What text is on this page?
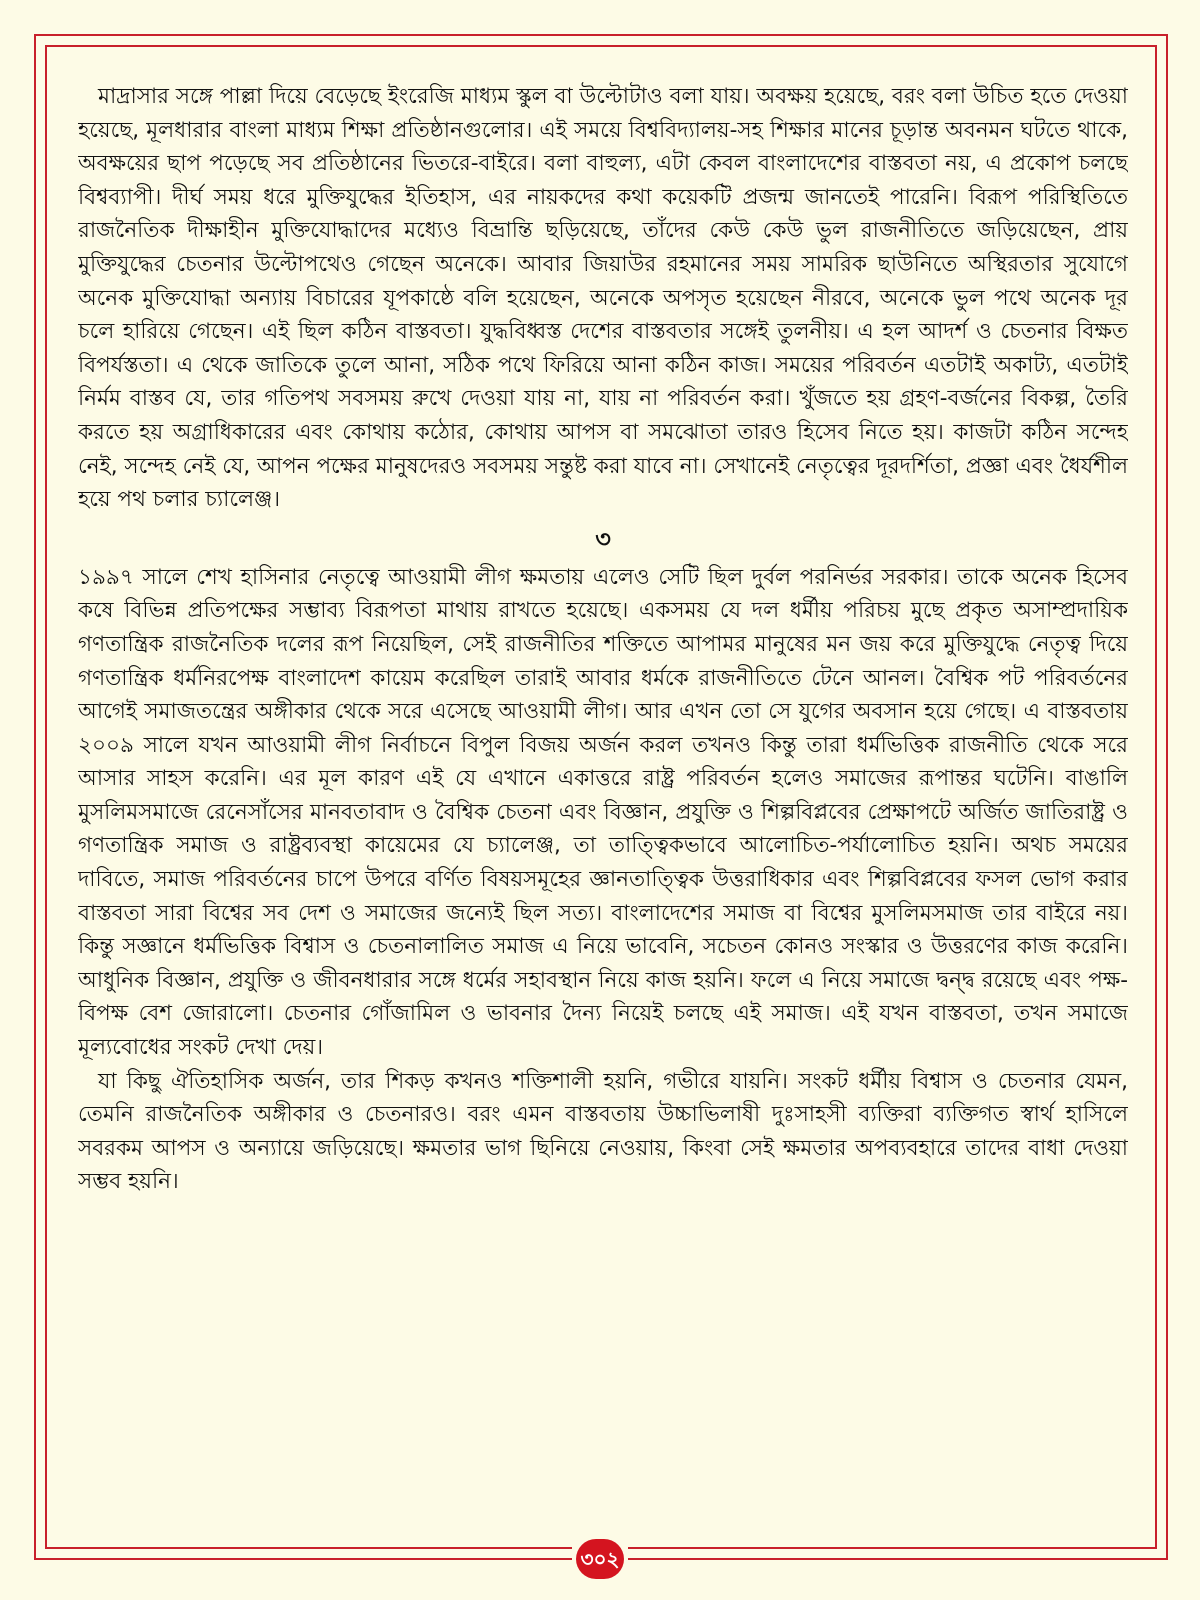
মাদ্রাসার সঙ্গে পাল্লা দিয়ে বেড়েছে ইংরেজি মাধ্যম স্কুল বা উল্টোটাও বলা যায়। অবক্ষয় হয়েছে, বরং বলা উচিত হতে দেওয়া হয়েছে, মূলধারার বাংলা মাধ্যম শিক্ষা প্রতিষ্ঠানগুলোর। এই সময়ে বিশ্ববিদ্যালয়-সহ শিক্ষার মানের চূড়ান্ত অবনমন ঘটতে থাকে, অবক্ষয়ের ছাপ পড়েছে সব প্রতিষ্ঠানের ভিতরে-বাইরে। বলা বাহুল্য, এটা কেবল বাংলাদেশের বাস্তবতা নয়, এ প্রকোপ চলছে বিশ্বব্যাপী। দীর্ঘ সময় ধরে মুক্তিযুদ্ধের ইতিহাস, এর নায়কদের কথা কয়েকটি প্রজন্ম জানতেই পারেনি। বিরূপ পরিস্থিতিতে রাজনৈতিক দীক্ষাহীন মুক্তিযোদ্ধাদের মধ্যেও বিভ্রান্তি ছড়িয়েছে, তাঁদের কেউ কেউ ভুল রাজনীতিতে জড়িয়েছেন, প্রায় মুক্তিযুদ্ধের চেতনার উল্টোপথেও গেছেন অনেকে। আবার জিয়াউর রহমানের সময় সামরিক ছাউনিতে অস্থিরতার সুযোগে অনেক মুক্তিযোদ্ধা অন্যায় বিচারের যূপকাষ্ঠে বলি হয়েছেন, অনেকে অপসৃত হয়েছেন নীরবে, অনেকে ভুল পথে অনেক দূর চলে হারিয়ে গেছেন। এই ছিল কঠিন বাস্তবতা। যুদ্ধবিধ্বস্ত দেশের বাস্তবতার সঙ্গেই তুলনীয়। এ হল আদর্শ ও চেতনার বিক্ষত বিপর্যস্ততা। এ থেকে জাতিকে তুলে আনা, সঠিক পথে ফিরিয়ে আনা কঠিন কাজ। সময়ের পরিবর্তন এতটাই অকাট্য, এতটাই নির্মম বাস্তব যে, তার গতিপথ সবসময় রুখে দেওয়া যায় না, যায় না পরিবর্তন করা। খুঁজতে হয় গ্রহণ-বর্জনের বিকল্প, তৈরি করতে হয় অগ্রাধিকারের এবং কোথায় কঠোর, কোথায় আপস বা সমঝোতা তারও হিসেব নিতে হয়। কাজটা কঠিন সন্দেহ নেই, সন্দেহ নেই যে, আপন পক্ষের মানুষদেরও সবসময় সন্তুষ্ট করা যাবে না। সেখানেই নেতৃত্বের দূরদর্শিতা, প্রজ্ঞা এবং ধৈর্যশীল হয়ে পথ চলার চ্যালেঞ্জ।

৩

১৯৯৭ সালে শেখ হাসিনার নেতৃত্বে আওয়ামী লীগ ক্ষমতায় এলেও সেটি ছিল দুর্বল পরনির্ভর সরকার। তাকে অনেক হিসেব কষে বিভিন্ন প্রতিপক্ষের সম্ভাব্য বিরূপতা মাথায় রাখতে হয়েছে। একসময় যে দল ধর্মীয় পরিচয় মুছে প্রকৃত অসাম্প্রদায়িক গণতান্ত্রিক রাজনৈতিক দলের রূপ নিয়েছিল, সেই রাজনীতির শক্তিতে আপামর মানুষের মন জয় করে মুক্তিযুদ্ধে নেতৃত্ব দিয়ে গণতান্ত্রিক ধর্মনিরপেক্ষ বাংলাদেশ কায়েম করেছিল তারাই আবার ধর্মকে রাজনীতিতে টেনে আনল। বৈশ্বিক পট পরিবর্তনের আগেই সমাজতন্ত্রের অঙ্গীকার থেকে সরে এসেছে আওয়ামী লীগ। আর এখন তো সে যুগের অবসান হয়ে গেছে। এ বাস্তবতায় ২০০৯ সালে যখন আওয়ামী লীগ নির্বাচনে বিপুল বিজয় অর্জন করল তখনও কিন্তু তারা ধর্মভিত্তিক রাজনীতি থেকে সরে আসার সাহস করেনি। এর মূল কারণ এই যে এখানে একাত্তরে রাষ্ট্র পরিবর্তন হলেও সমাজের রূপান্তর ঘটেনি। বাঙালি মুসলিমসমাজে রেনেসাঁসের মানবতাবাদ ও বৈশ্বিক চেতনা এবং বিজ্ঞান, প্রযুক্তি ও শিল্পবিপ্লবের প্রেক্ষাপটে অর্জিত জাতিরাষ্ট্র ও গণতান্ত্রিক সমাজ ও রাষ্ট্রব্যবস্থা কায়েমের যে চ্যালেঞ্জ, তা তাত্ত্বিকভাবে আলোচিত-পর্যালোচিত হয়নি। অথচ সময়ের দাবিতে, সমাজ পরিবর্তনের চাপে উপরে বর্ণিত বিষয়সমূহের জ্ঞানতাত্ত্বিক উত্তরাধিকার এবং শিল্পবিপ্লবের ফসল ভোগ করার বাস্তবতা সারা বিশ্বের সব দেশ ও সমাজের জন্যেই ছিল সত্য। বাংলাদেশের সমাজ বা বিশ্বের মুসলিমসমাজ তার বাইরে নয়। কিন্তু সজ্ঞানে ধর্মভিত্তিক বিশ্বাস ও চেতনালালিত সমাজ এ নিয়ে ভাবেনি, সচেতন কোনও সংস্কার ও উত্তরণের কাজ করেনি। আধুনিক বিজ্ঞান, প্রযুক্তি ও জীবনধারার সঙ্গে ধর্মের সহাবস্থান নিয়ে কাজ হয়নি। ফলে এ নিয়ে সমাজে দ্বন্দ্ব রয়েছে এবং পক্ষ-বিপক্ষ বেশ জোরালো। চেতনার গোঁজামিল ও ভাবনার দৈন্য নিয়েই চলছে এই সমাজ। এই যখন বাস্তবতা, তখন সমাজে মূল্যবোধের সংকট দেখা দেয়।

যা কিছু ঐতিহাসিক অর্জন, তার শিকড় কখনও শক্তিশালী হয়নি, গভীরে যায়নি। সংকট ধর্মীয় বিশ্বাস ও চেতনার যেমন, তেমনি রাজনৈতিক অঙ্গীকার ও চেতনারও। বরং এমন বাস্তবতায় উচ্চাভিলাষী দুঃসাহসী ব্যক্তিরা ব্যক্তিগত স্বার্থ হাসিলে সবরকম আপস ও অন্যায়ে জড়িয়েছে। ক্ষমতার ভাগ ছিনিয়ে নেওয়ায়, কিংবা সেই ক্ষমতার অপব্যবহারে তাদের বাধা দেওয়া সম্ভব হয়নি।

৩০২
